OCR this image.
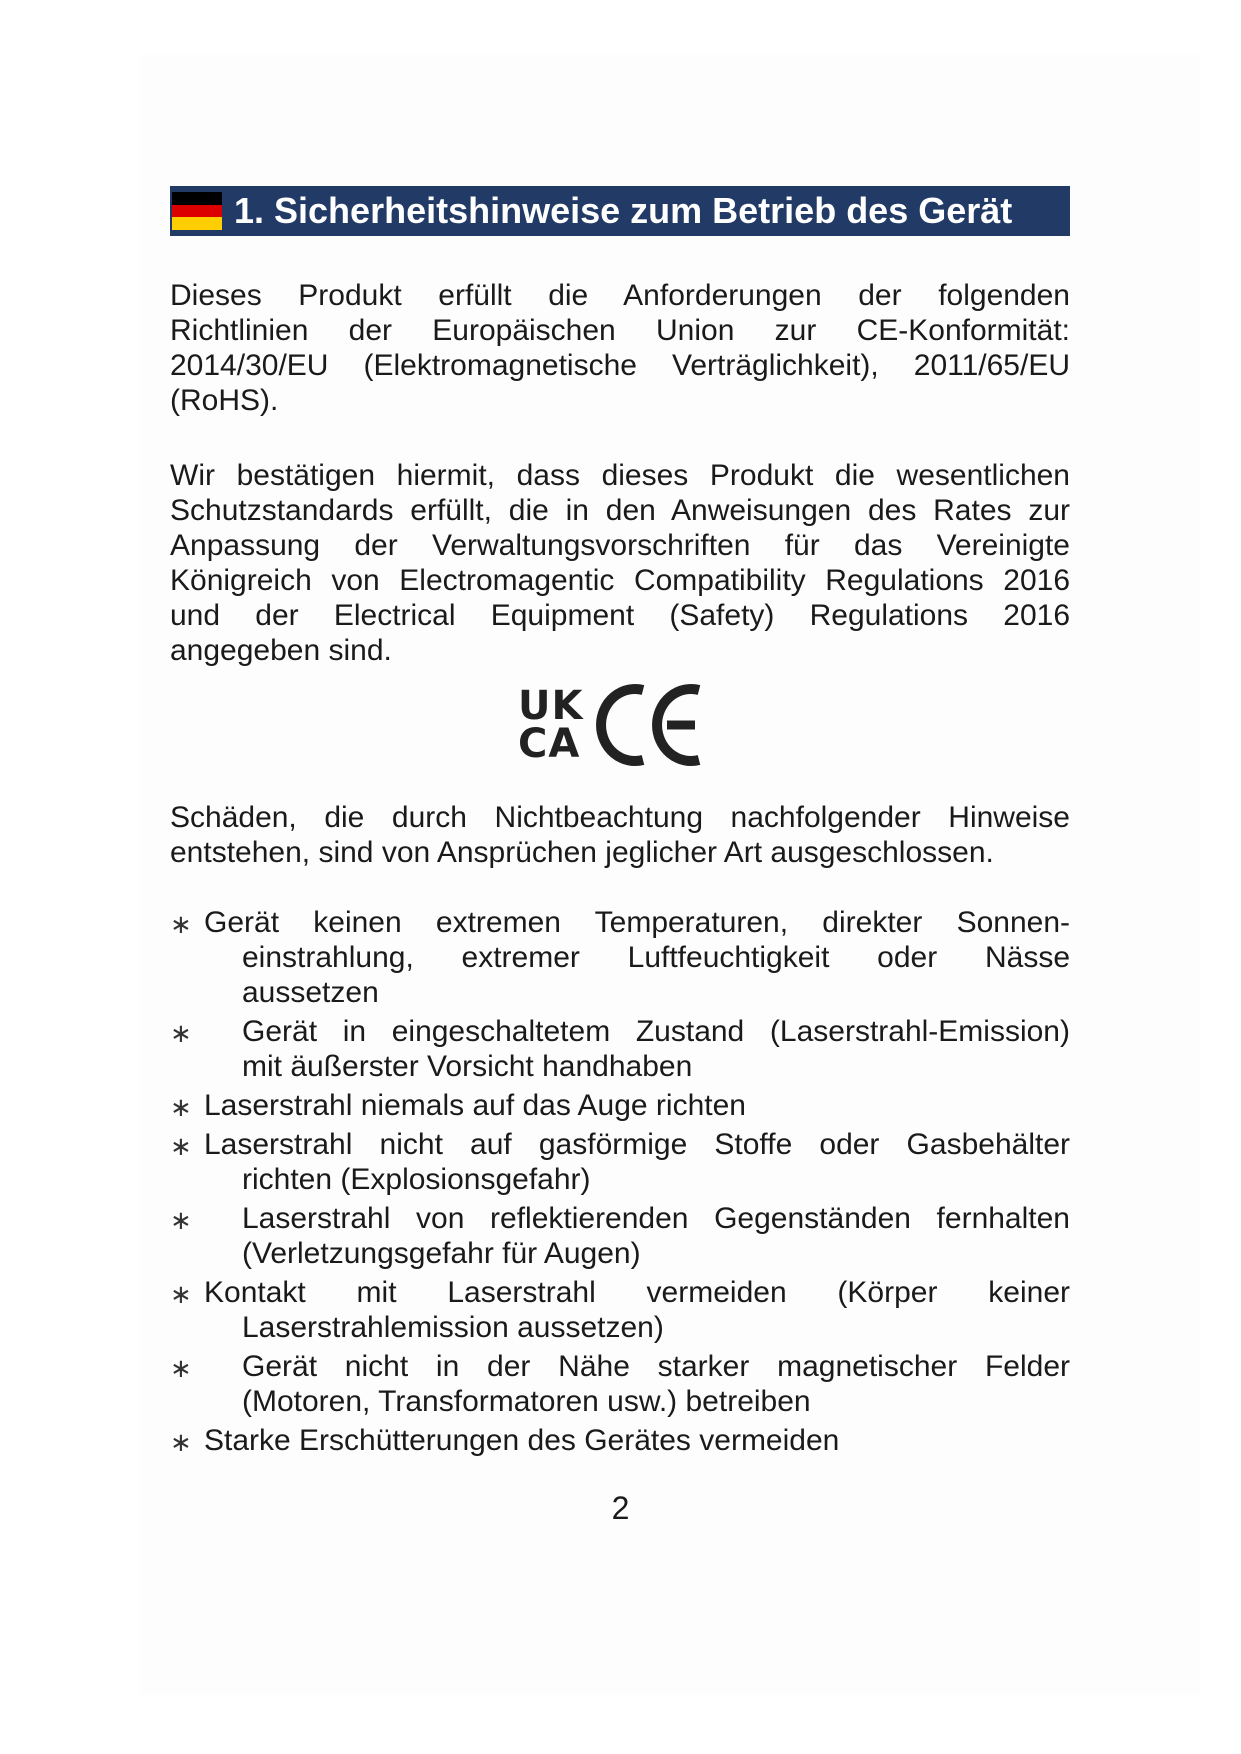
1. Sicherheitshinweise zum Betrieb des Gerät

Dieses Produkt erfüllt die Anforderungen der folgenden
Richtlinien der Europäischen Union zur CE-Konformität:
2014/30/EU (Elektromagnetische Verträglichkeit), 2011/65/EU
(RoHS).

Wir bestätigen hiermit, dass dieses Produkt die wesentlichen
Schutzstandards erfüllt, die in den Anweisungen des Rates zur
Anpassung der Verwaltungsvorschriften für das Vereinigte
Königreich von Electromagentic Compatibility Regulations 2016
und der Electrical Equipment (Safety) Regulations 2016
angegeben sind.

UK
CA

Schäden, die durch Nichtbeachtung nachfolgender Hinweise
entstehen, sind von Ansprüchen jeglicher Art ausgeschlossen.

∗ Gerät keinen extremen Temperaturen, direkter Sonnen-
einstrahlung, extremer Luftfeuchtigkeit oder Nässe
aussetzen
∗	Gerät in eingeschaltetem Zustand (Laserstrahl-Emission)
mit äußerster Vorsicht handhaben
∗ Laserstrahl niemals auf das Auge richten
∗ Laserstrahl nicht auf gasförmige Stoffe oder Gasbehälter
richten (Explosionsgefahr)
∗	Laserstrahl von reflektierenden Gegenständen fernhalten
(Verletzungsgefahr für Augen)
∗ Kontakt mit Laserstrahl vermeiden (Körper keiner
Laserstrahlemission aussetzen)
∗	Gerät nicht in der Nähe starker magnetischer Felder
(Motoren, Transformatoren usw.) betreiben
∗ Starke Erschütterungen des Gerätes vermeiden
2
